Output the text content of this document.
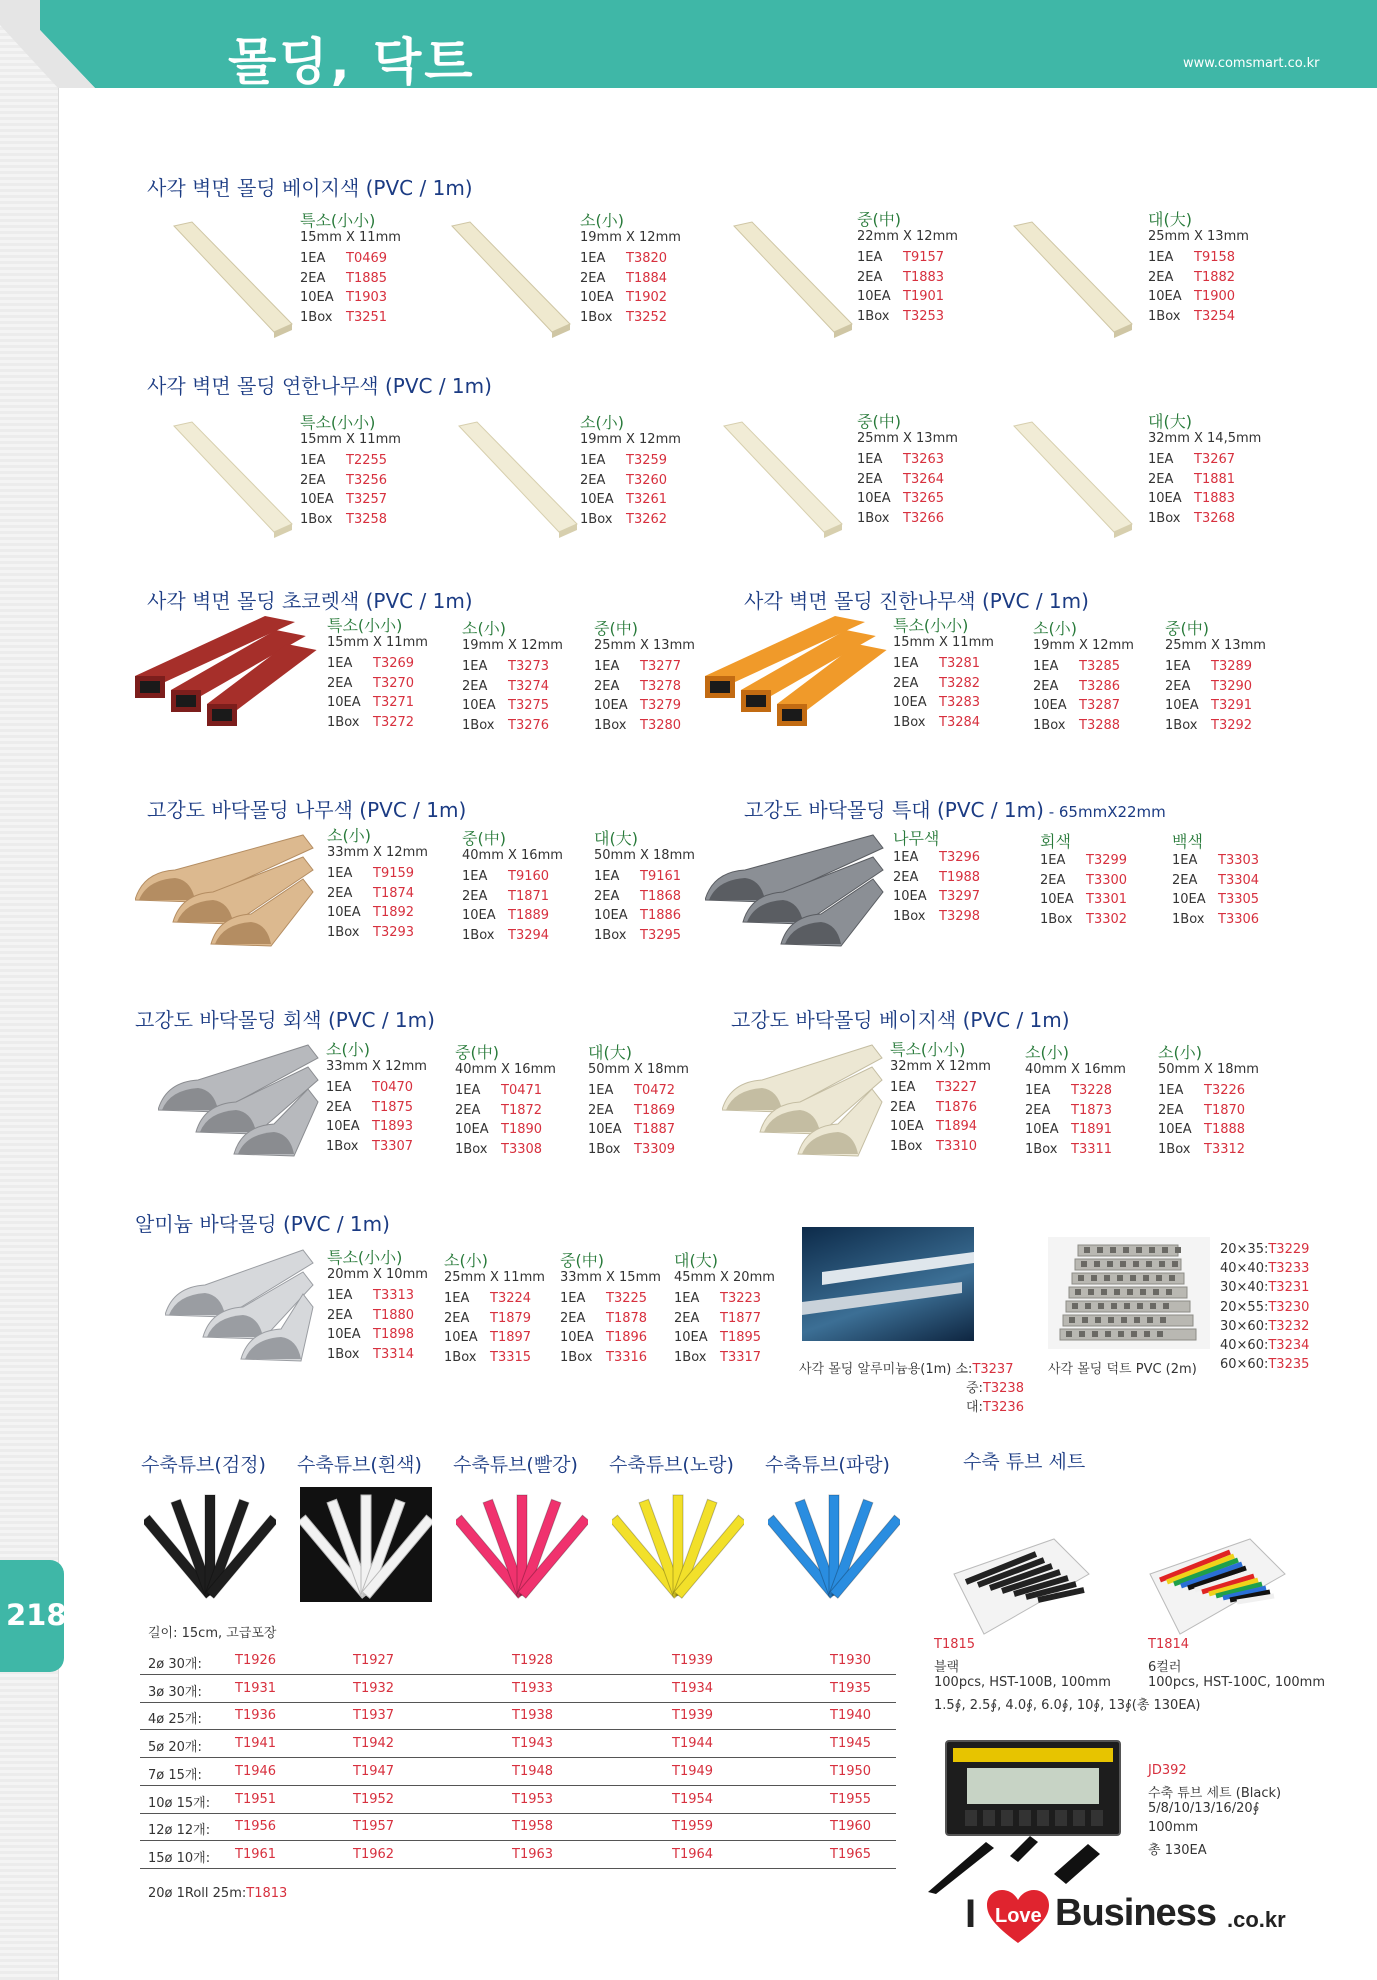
몰딩, 닥트	www.comsmart.co.kr
218
사각 벽면 몰딩 베이지색 (PVC / 1m)
특소(小小)
15mm X 11mm
1EA T0469
2EA T1885
10EA T1903
1Box T3251
소(小)
19mm X 12mm
1EA T3820
2EA T1884
10EA T1902
1Box T3252
중(中)
22mm X 12mm
1EA T9157
2EA T1883
10EA T1901
1Box T3253
대(大)
25mm X 13mm
1EA T9158
2EA T1882
10EA T1900
1Box T3254
사각 벽면 몰딩 연한나무색 (PVC / 1m)
특소(小小)
15mm X 11mm
1EA T2255
2EA T3256
10EA T3257
1Box T3258
소(小)
19mm X 12mm
1EA T3259
2EA T3260
10EA T3261
1Box T3262
중(中)
25mm X 13mm
1EA T3263
2EA T3264
10EA T3265
1Box T3266
대(大)
32mm X 14,5mm
1EA T3267
2EA T1881
10EA T1883
1Box T3268
사각 벽면 몰딩 초코렛색 (PVC / 1m)
특소(小小)
15mm X 11mm
1EA T3269
2EA T3270
10EA T3271
1Box T3272
소(小)
19mm X 12mm
1EA T3273
2EA T3274
10EA T3275
1Box T3276
중(中)
25mm X 13mm
1EA T3277
2EA T3278
10EA T3279
1Box T3280
사각 벽면 몰딩 진한나무색 (PVC / 1m)
특소(小小)
15mm X 11mm
1EA T3281
2EA T3282
10EA T3283
1Box T3284
소(小)
19mm X 12mm
1EA T3285
2EA T3286
10EA T3287
1Box T3288
중(中)
25mm X 13mm
1EA T3289
2EA T3290
10EA T3291
1Box T3292
고강도 바닥몰딩 나무색 (PVC / 1m)
소(小)
33mm X 12mm
1EA T9159
2EA T1874
10EA T1892
1Box T3293
중(中)
40mm X 16mm
1EA T9160
2EA T1871
10EA T1889
1Box T3294
대(大)
50mm X 18mm
1EA T9161
2EA T1868
10EA T1886
1Box T3295
고강도 바닥몰딩 특대 (PVC / 1m) - 65mmX22mm
나무색
1EA T3296
2EA T1988
10EA T3297
1Box T3298
회색
1EA T3299
2EA T3300
10EA T3301
1Box T3302
백색
1EA T3303
2EA T3304
10EA T3305
1Box T3306
고강도 바닥몰딩 회색 (PVC / 1m)
소(小)
33mm X 12mm
1EA T0470
2EA T1875
10EA T1893
1Box T3307
중(中)
40mm X 16mm
1EA T0471
2EA T1872
10EA T1890
1Box T3308
대(大)
50mm X 18mm
1EA T0472
2EA T1869
10EA T1887
1Box T3309
고강도 바닥몰딩 베이지색 (PVC / 1m)
특소(小小)
32mm X 12mm
1EA T3227
2EA T1876
10EA T1894
1Box T3310
소(小)
40mm X 16mm
1EA T3228
2EA T1873
10EA T1891
1Box T3311
소(小)
50mm X 18mm
1EA T3226
2EA T1870
10EA T1888
1Box T3312
알미늄 바닥몰딩 (PVC / 1m)
특소(小小)
20mm X 10mm
1EA T3313
2EA T1880
10EA T1898
1Box T3314
소(小)
25mm X 11mm
1EA T3224
2EA T1879
10EA T1897
1Box T3315
중(中)
33mm X 15mm
1EA T3225
2EA T1878
10EA T1896
1Box T3316
대(大)
45mm X 20mm
1EA T3223
2EA T1877
10EA T1895
1Box T3317
사각 몰딩 알루미늄용(1m) 소:T3237
중:T3238
대:T3236
사각 몰딩 덕트 PVC (2m)
20×35:T3229
40×40:T3233
30×40:T3231
20×55:T3230
30×60:T3232
40×60:T3234
60×60:T3235
수축튜브(검정) 수축튜브(흰색) 수축튜브(빨강) 수축튜브(노랑) 수축튜브(파랑)
길이: 15cm, 고급포장
2ø 30개:	T1926	T1927	T1928	T1939	T1930
3ø 30개:	T1931	T1932	T1933	T1934	T1935
4ø 25개:	T1936	T1937	T1938	T1939	T1940
5ø 20개:	T1941	T1942	T1943	T1944	T1945
7ø 15개:	T1946	T1947	T1948	T1949	T1950
10ø 15개: T1951	T1952	T1953	T1954	T1955
12ø 12개: T1956	T1957	T1958	T1959	T1960
15ø 10개: T1961	T1962	T1963	T1964	T1965
20ø 1Roll 25m:T1813
수축 튜브 세트
T1815
블랙
100pcs, HST-100B, 100mm
1.5∮, 2.5∮, 4.0∮, 6.0∮, 10∮, 13∮(총 130EA)
T1814
6컬러
100pcs, HST-100C, 100mm
JD392
수축 튜브 세트 (Black)
5/8/10/13/16/20∮
100mm
총 130EA
I Love Business .co.kr
